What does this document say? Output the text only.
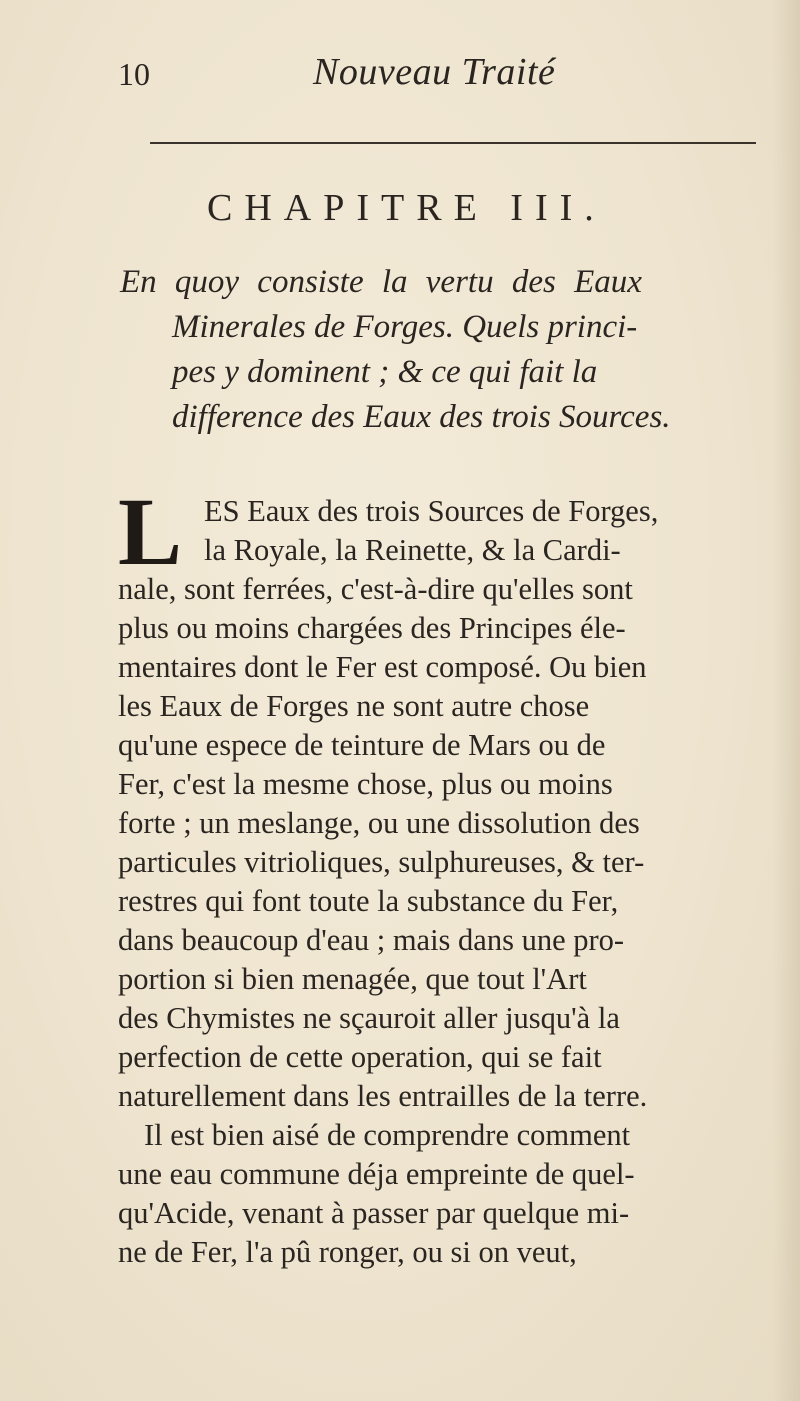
10	Nouveau Traité
CHAPITRE III.
En quoy consiste la vertu des Eaux
Minerales de Forges. Quels princi-
pes y dominent ; & ce qui fait la
difference des Eaux des trois Sources.
L ES Eaux des trois Sources de Forges,
la Royale, la Reinette, & la Cardi-
nale, sont ferrées, c'est-à-dire qu'elles sont
plus ou moins chargées des Principes éle-
mentaires dont le Fer est composé. Ou bien
les Eaux de Forges ne sont autre chose
qu'une espece de teinture de Mars ou de
Fer, c'est la mesme chose, plus ou moins
forte ; un meslange, ou une dissolution des
particules vitrioliques, sulphureuses, & ter-
restres qui font toute la substance du Fer,
dans beaucoup d'eau ; mais dans une pro-
portion si bien menagée, que tout l'Art
des Chymistes ne sçauroit aller jusqu'à la
perfection de cette operation, qui se fait
naturellement dans les entrailles de la terre.
Il est bien aisé de comprendre comment
une eau commune déja empreinte de quel-
qu'Acide, venant à passer par quelque mi-
ne de Fer, l'a pû ronger, ou si on veut,
